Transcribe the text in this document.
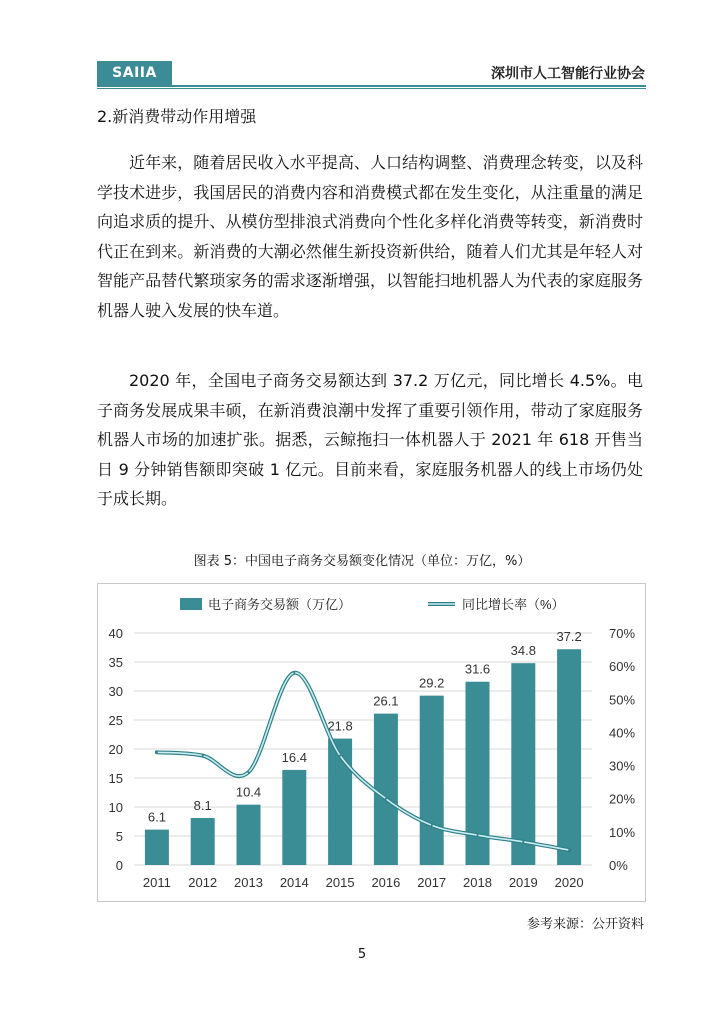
SAIIA	深圳市人工智能行业协会
2.新消费带动作用增强

近年来，随着居民收入水平提高、人口结构调整、消费理念转变，以及科学技术进步，我国居民的消费内容和消费模式都在发生变化，从注重量的满足向追求质的提升、从模仿型排浪式消费向个性化多样化消费等转变，新消费时代正在到来。新消费的大潮必然催生新投资新供给，随着人们尤其是年轻人对智能产品替代繁琐家务的需求逐渐增强，以智能扫地机器人为代表的家庭服务机器人驶入发展的快车道。

2020 年，全国电子商务交易额达到 37.2 万亿元，同比增长 4.5%。电子商务发展成果丰硕，在新消费浪潮中发挥了重要引领作用，带动了家庭服务机器人市场的加速扩张。据悉，云鲸拖扫一体机器人于 2021 年 618 开售当日 9 分钟销售额即突破 1 亿元。目前来看，家庭服务机器人的线上市场仍处于成长期。

图表 5：中国电子商务交易额变化情况（单位：万亿，%）
0
5
10
15
20
25
30
35
40
0%
10%
20%
30%
40%
50%
60%
70%
6.1
2011
8.1
2012
10.4
2013
16.4
2014
21.8
2015
26.1
2016
29.2
2017
31.6
2018
34.8
2019
37.2
2020
电子商务交易额（万亿）	同比增长率（%）
参考来源：公开资料
5
